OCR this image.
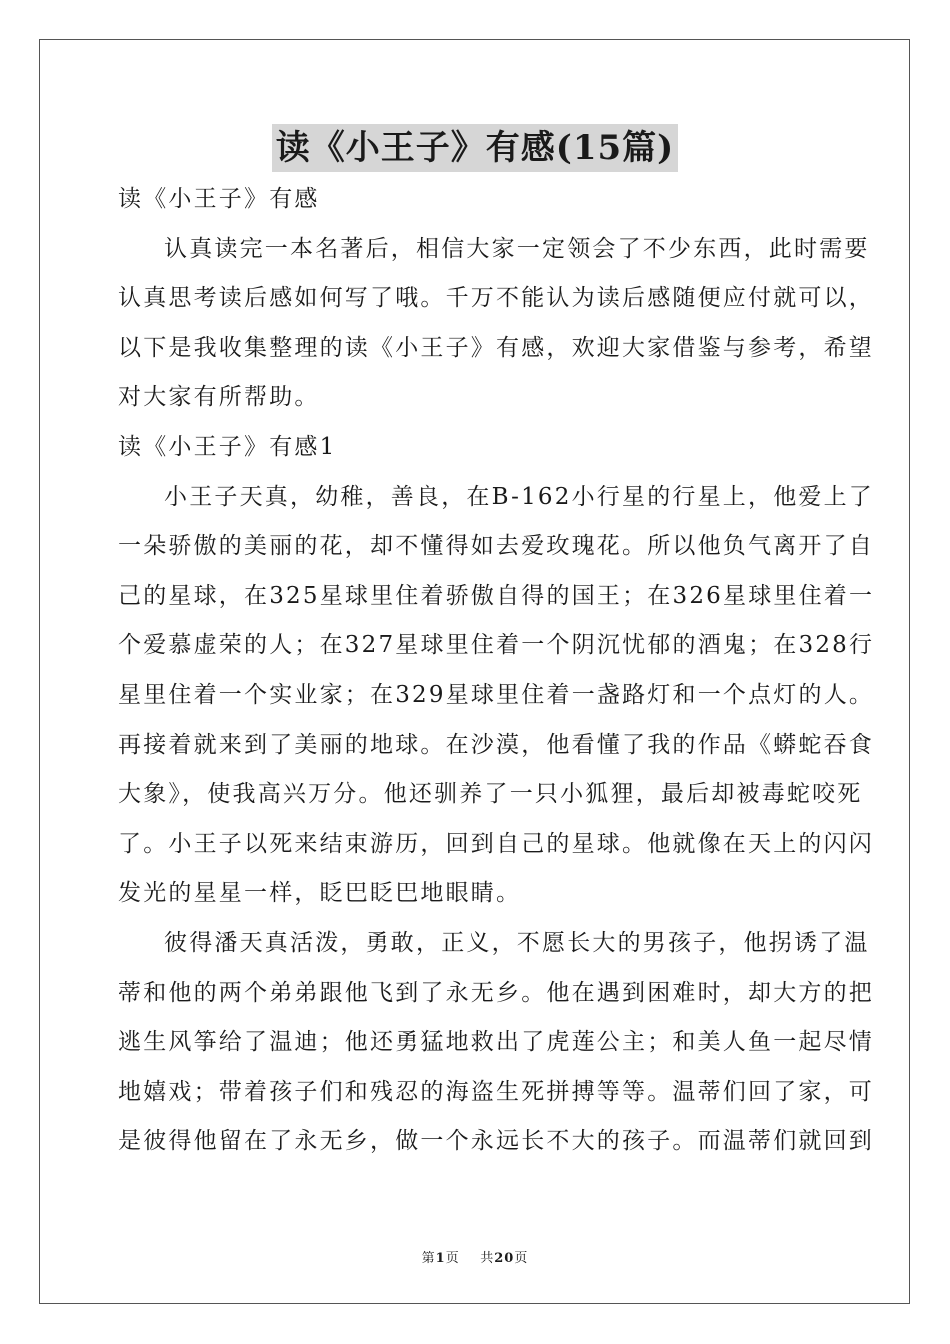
读《小王子》有感(15篇)
读《小王子》有感
认真读完一本名著后，相信大家一定领会了不少东西，此时需要
认真思考读后感如何写了哦。千万不能认为读后感随便应付就可以，
以下是我收集整理的读《小王子》有感，欢迎大家借鉴与参考，希望
对大家有所帮助。
读《小王子》有感1
小王子天真，幼稚，善良，在B-162小行星的行星上，他爱上了
一朵骄傲的美丽的花，却不懂得如去爱玫瑰花。所以他负气离开了自
己的星球，在325星球里住着骄傲自得的国王；在326星球里住着一
个爱慕虚荣的人；在327星球里住着一个阴沉忧郁的酒鬼；在328行
星里住着一个实业家；在329星球里住着一盏路灯和一个点灯的人。
再接着就来到了美丽的地球。在沙漠，他看懂了我的作品《蟒蛇吞食
大象》，使我高兴万分。他还驯养了一只小狐狸，最后却被毒蛇咬死
了。小王子以死来结束游历，回到自己的星球。他就像在天上的闪闪
发光的星星一样，眨巴眨巴地眼睛。
彼得潘天真活泼，勇敢，正义，不愿长大的男孩子，他拐诱了温
蒂和他的两个弟弟跟他飞到了永无乡。他在遇到困难时，却大方的把
逃生风筝给了温迪；他还勇猛地救出了虎莲公主；和美人鱼一起尽情
地嬉戏；带着孩子们和残忍的海盗生死拼搏等等。温蒂们回了家，可
是彼得他留在了永无乡，做一个永远长不大的孩子。而温蒂们就回到
第1页 共20页
